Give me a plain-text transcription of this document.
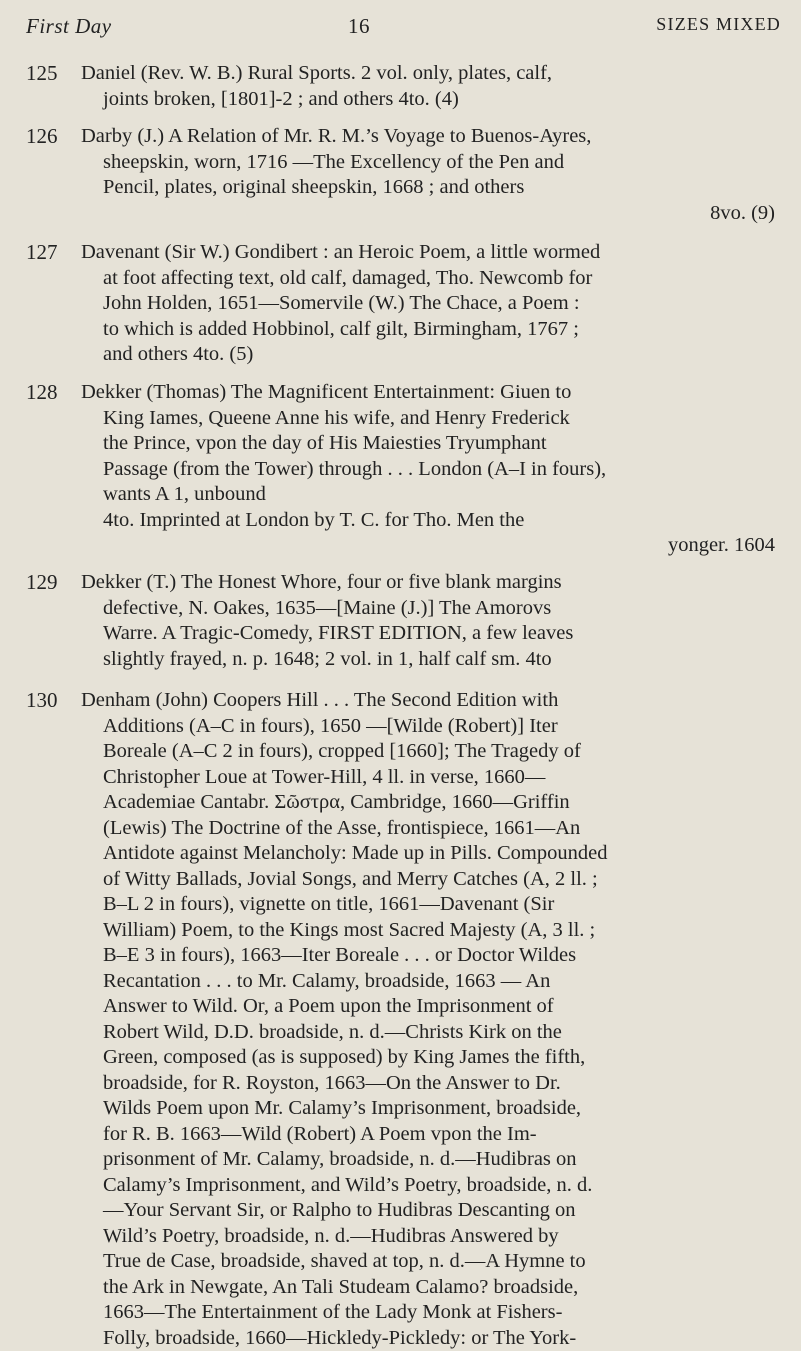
First Day	16	SIZES MIXED
125 Daniel (Rev. W. B.) Rural Sports. 2 vol. only, plates, calf,
joints broken, [1801]-2 ; and others 4to. (4)
126 Darby (J.) A Relation of Mr. R. M.’s Voyage to Buenos-Ayres,
sheepskin, worn, 1716 —The Excellency of the Pen and
Pencil, plates, original sheepskin, 1668 ; and others
8vo. (9)
127 Davenant (Sir W.) Gondibert : an Heroic Poem, a little wormed
at foot affecting text, old calf, damaged, Tho. Newcomb for
John Holden, 1651—Somervile (W.) The Chace, a Poem :
to which is added Hobbinol, calf gilt, Birmingham, 1767 ;
and others 4to. (5)
128 Dekker (Thomas) The Magnificent Entertainment: Giuen to
King Iames, Queene Anne his wife, and Henry Frederick
the Prince, vpon the day of His Maiesties Tryumphant
Passage (from the Tower) through . . . London (A–I in fours),
wants A 1, unbound
4to. Imprinted at London by T. C. for Tho. Men the
yonger. 1604
129 Dekker (T.) The Honest Whore, four or five blank margins
defective, N. Oakes, 1635—[Maine (J.)] The Amorovs
Warre. A Tragic-Comedy, FIRST EDITION, a few leaves
slightly frayed, n. p. 1648; 2 vol. in 1, half calf sm. 4to
130 Denham (John) Coopers Hill . . . The Second Edition with
Additions (A–C in fours), 1650 —[Wilde (Robert)] Iter
Boreale (A–C 2 in fours), cropped [1660]; The Tragedy of
Christopher Loue at Tower-Hill, 4 ll. in verse, 1660—
Academiae Cantabr. Σῶστρα, Cambridge, 1660—Griffin
(Lewis) The Doctrine of the Asse, frontispiece, 1661—An
Antidote against Melancholy: Made up in Pills. Compounded
of Witty Ballads, Jovial Songs, and Merry Catches (A, 2 ll. ;
B–L 2 in fours), vignette on title, 1661—Davenant (Sir
William) Poem, to the Kings most Sacred Majesty (A, 3 ll. ;
B–E 3 in fours), 1663—Iter Boreale . . . or Doctor Wildes
Recantation . . . to Mr. Calamy, broadside, 1663 — An
Answer to Wild. Or, a Poem upon the Imprisonment of
Robert Wild, D.D. broadside, n. d.—Christs Kirk on the
Green, composed (as is supposed) by King James the fifth,
broadside, for R. Royston, 1663—On the Answer to Dr.
Wilds Poem upon Mr. Calamy’s Imprisonment, broadside,
for R. B. 1663—Wild (Robert) A Poem vpon the Im-
prisonment of Mr. Calamy, broadside, n. d.—Hudibras on
Calamy’s Imprisonment, and Wild’s Poetry, broadside, n. d.
—Your Servant Sir, or Ralpho to Hudibras Descanting on
Wild’s Poetry, broadside, n. d.—Hudibras Answered by
True de Case, broadside, shaved at top, n. d.—A Hymne to
the Ark in Newgate, An Tali Studeam Calamo? broadside,
1663—The Entertainment of the Lady Monk at Fishers-
Folly, broadside, 1660—Hickledy-Pickledy: or The York-
